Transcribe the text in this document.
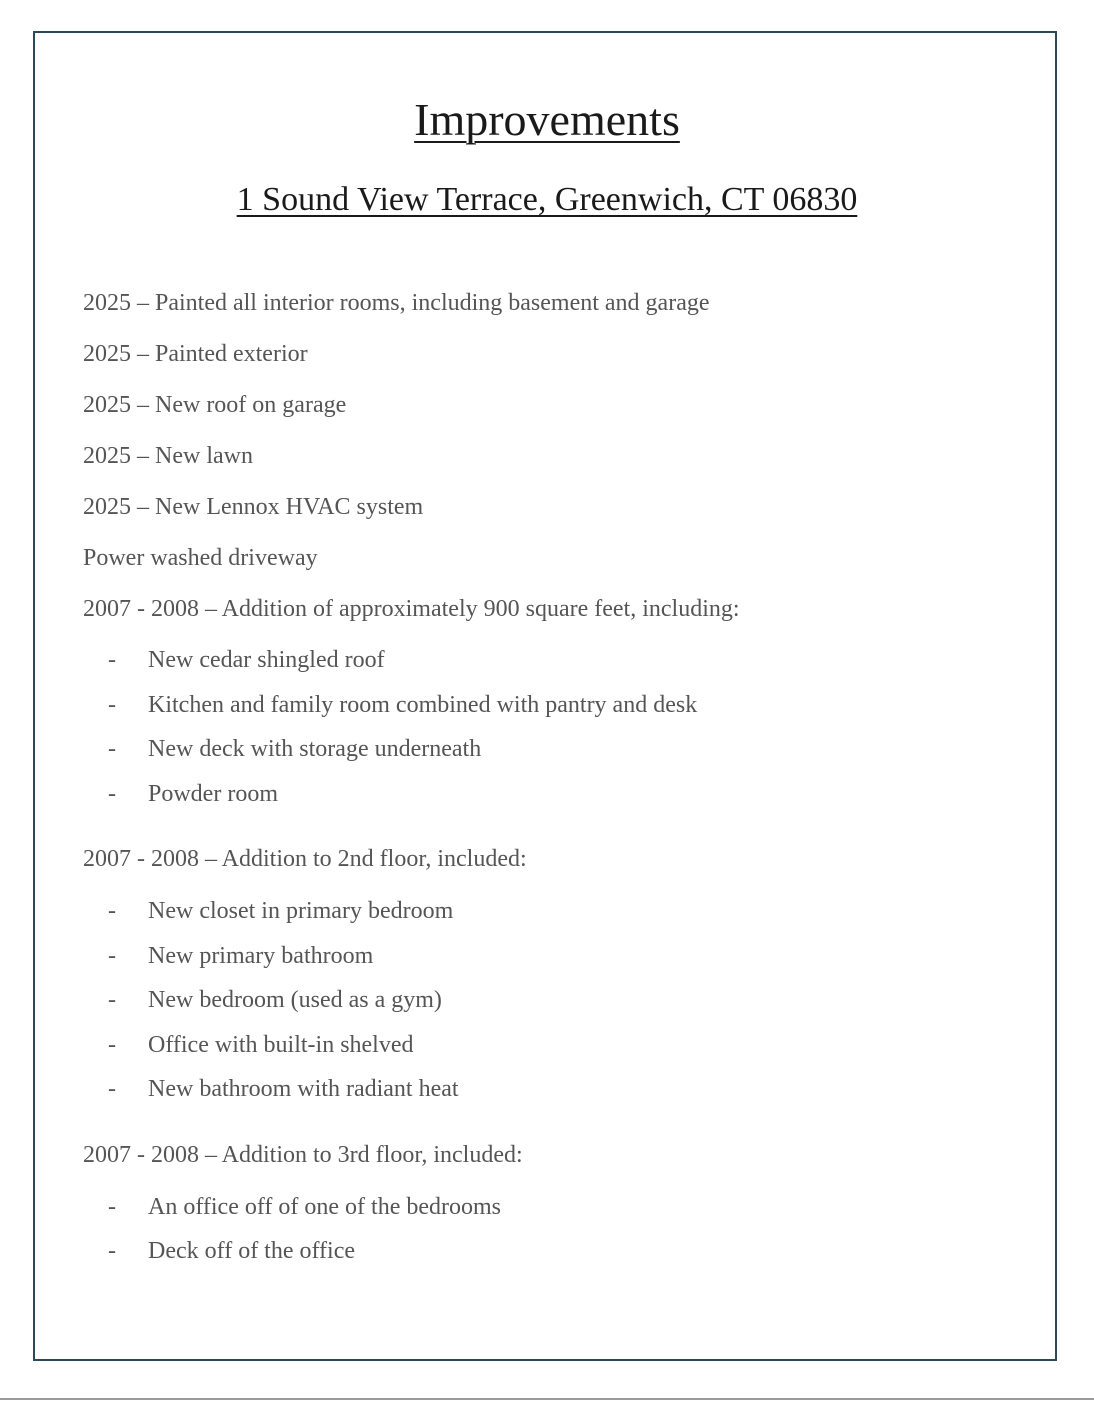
Improvements
1 Sound View Terrace, Greenwich, CT 06830
2025 – Painted all interior rooms, including basement and garage
2025 – Painted exterior
2025 – New roof on garage
2025 – New lawn
2025 – New Lennox HVAC system
Power washed driveway
2007 - 2008 – Addition of approximately 900 square feet, including:
- New cedar shingled roof
- Kitchen and family room combined with pantry and desk
- New deck with storage underneath
- Powder room
2007 - 2008 – Addition to 2nd floor, included:
- New closet in primary bedroom
- New primary bathroom
- New bedroom (used as a gym)
- Office with built-in shelved
- New bathroom with radiant heat
2007 - 2008 – Addition to 3rd floor, included:
- An office off of one of the bedrooms
- Deck off of the office
